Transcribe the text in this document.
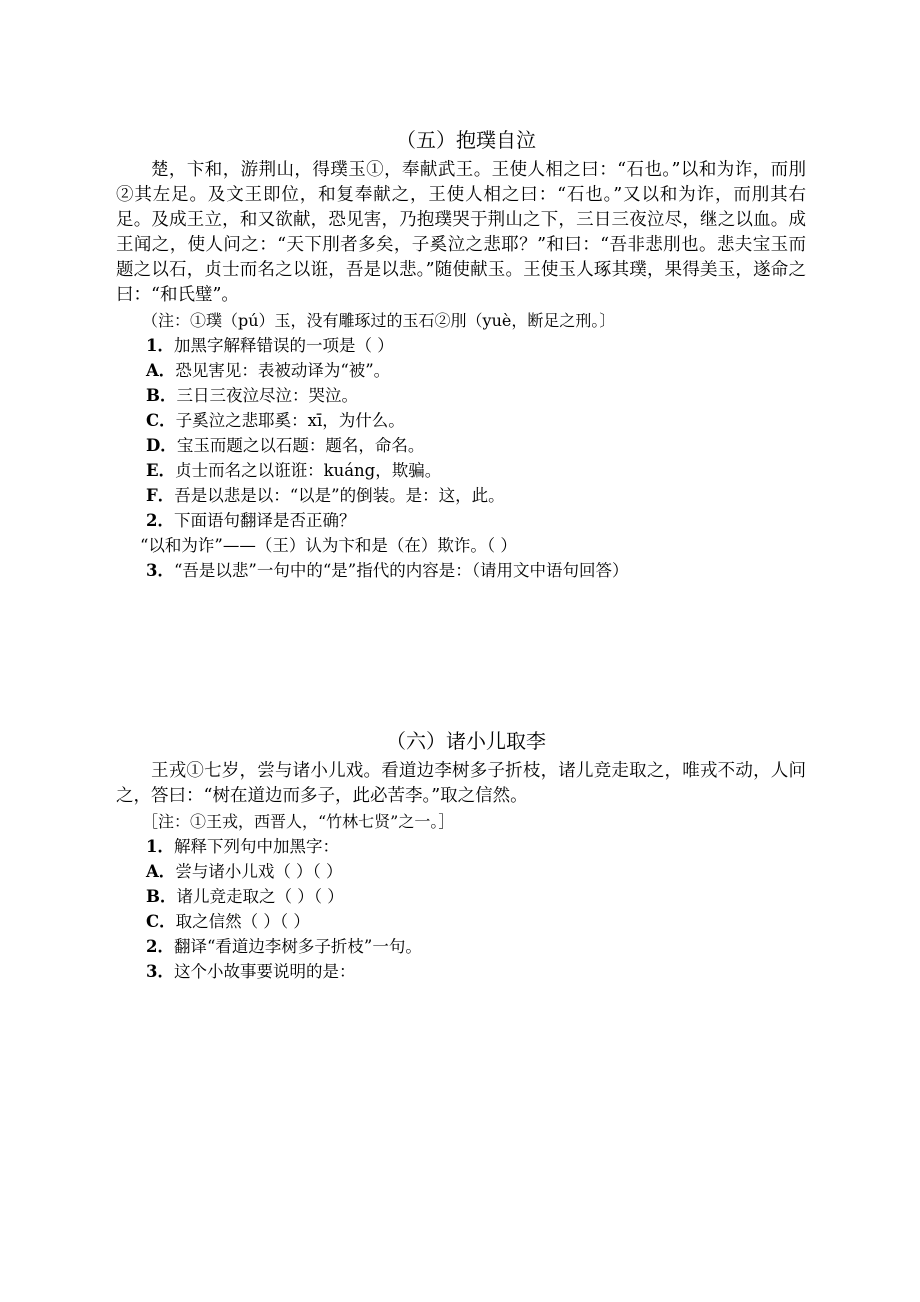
（五）抱璞自泣

楚，卞和，游荆山，得璞玉①，奉献武王。王使人相之曰：“石也。”以和为诈，而刖②其左足。及文王即位，和复奉献之，王使人相之曰：“石也。”又以和为诈，而刖其右足。及成王立，和又欲献，恐见害，乃抱璞哭于荆山之下，三日三夜泣尽，继之以血。成王闻之，使人问之：“天下刖者多矣，子奚泣之悲耶？”和曰：“吾非悲刖也。悲夫宝玉而题之以石，贞士而名之以诳，吾是以悲。”随使献玉。王使玉人琢其璞，果得美玉，遂命之曰：“和氏璧”。

（注：①璞（pú）玉，没有雕琢过的玉石②刖（yuè，断足之刑。〕
1．加黑字解释错误的一项是（ ）
A．恐见害见：表被动译为“被”。
B．三日三夜泣尽泣：哭泣。
C．子奚泣之悲耶奚：xī，为什么。
D．宝玉而题之以石题：题名，命名。
E．贞士而名之以诳诳：kuáng，欺骗。
F．吾是以悲是以：“以是”的倒装。是：这，此。
2．下面语句翻译是否正确？
“以和为诈”——（王）认为卞和是（在）欺诈。（ ）
3．“吾是以悲”一句中的“是”指代的内容是：（请用文中语句回答）
（六）诸小儿取李

王戎①七岁，尝与诸小儿戏。看道边李树多子折枝，诸儿竞走取之，唯戎不动，人问之，答曰：“树在道边而多子，此必苦李。”取之信然。

［注：①王戎，西晋人，“竹林七贤”之一。］
1．解释下列句中加黑字：
A．尝与诸小儿戏（ ）（ ）
B．诸儿竞走取之（ ）（ ）
C．取之信然（ ）（ ）
2．翻译“看道边李树多子折枝”一句。
3．这个小故事要说明的是：
